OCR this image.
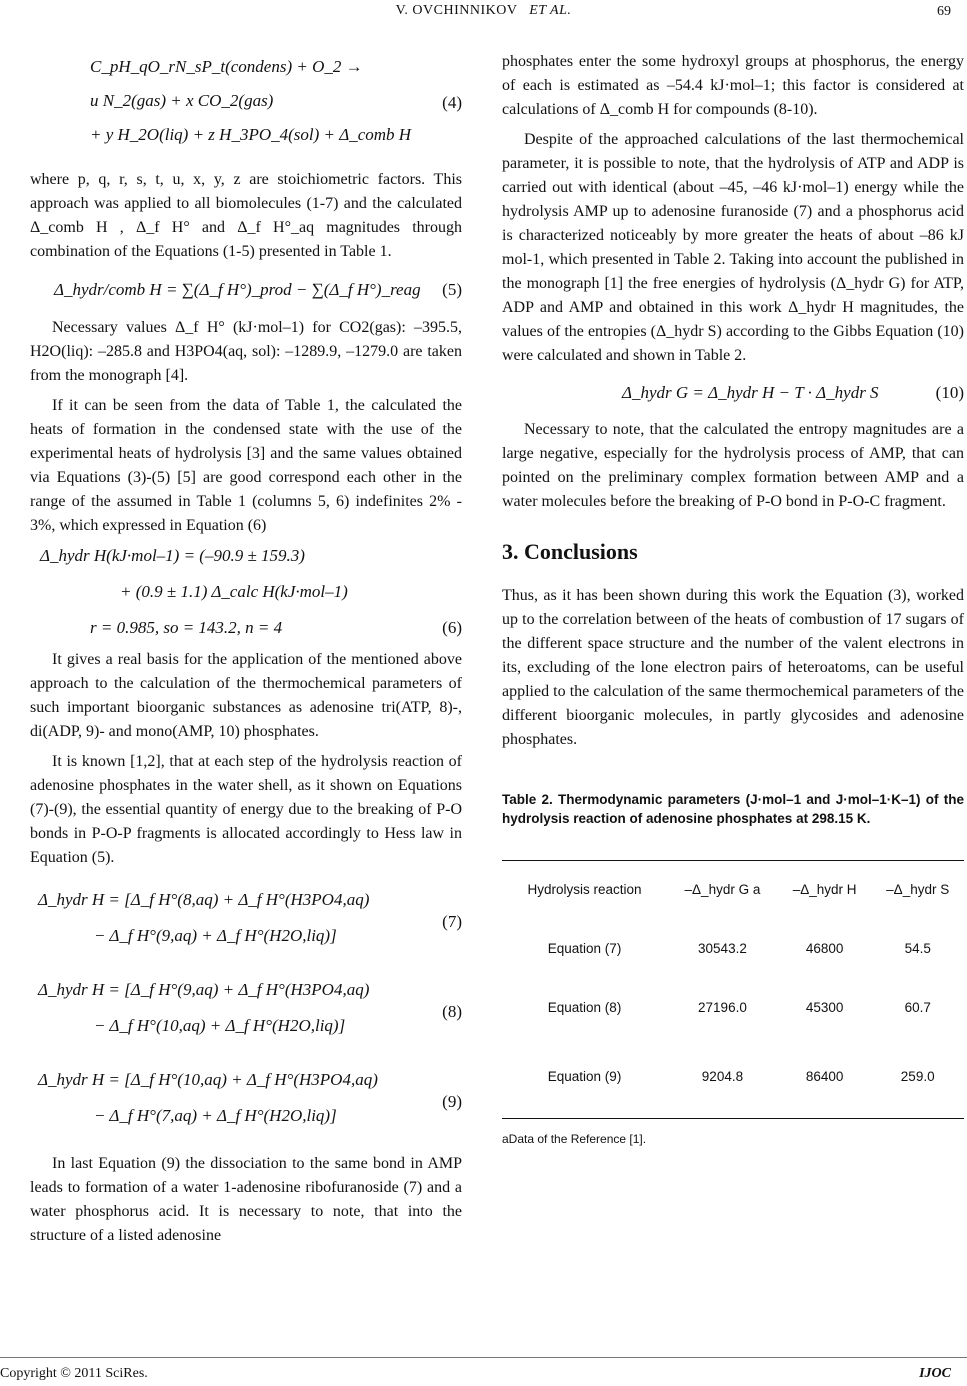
V. OVCHINNIKOV ET AL.	69
C_pH_qO_rN_sP_t(condens) + O_2 →
u N_2(gas) + x CO_2(gas)
+ y H_2O(liq) + z H_3PO_4(sol) + Δ_comb H
(4)

where p, q, r, s, t, u, x, y, z are stoichiometric factors. This approach was applied to all biomolecules (1-7) and the calculated Δ_comb H , Δ_f H° and Δ_f H°_aq magnitudes through combination of the Equations (1-5) presented in Table 1.

Δ_hydr/comb H = ∑(Δ_f H°)_prod − ∑(Δ_f H°)_reag (5)

Necessary values Δ_f H° (kJ·mol–1) for CO2(gas): –395.5, H2O(liq): –285.8 and H3PO4(aq, sol): –1289.9, –1279.0 are taken from the monograph [4].

If it can be seen from the data of Table 1, the calculated the heats of formation in the condensed state with the use of the experimental heats of hydrolysis [3] and the same values obtained via Equations (3)-(5) [5] are good correspond each other in the range of the assumed in Table 1 (columns 5, 6) indefinites 2% - 3%, which expressed in Equation (6)

Δ_hydr H(kJ·mol–1) = (–90.9 ± 159.3)
+ (0.9 ± 1.1) Δ_calc H(kJ·mol–1)
r = 0.985, so = 143.2, n = 4	(6)

It gives a real basis for the application of the mentioned above approach to the calculation of the thermochemical parameters of such important bioorganic substances as adenosine tri(ATP, 8)-, di(ADP, 9)- and mono(AMP, 10) phosphates.

It is known [1,2], that at each step of the hydrolysis reaction of adenosine phosphates in the water shell, as it shown on Equations (7)-(9), the essential quantity of energy due to the breaking of P-O bonds in P-O-P fragments is allocated accordingly to Hess law in Equation (5).

Δ_hydr H = [Δ_f H°(8,aq) + Δ_f H°(H3PO4,aq)
− Δ_f H°(9,aq) + Δ_f H°(H2O,liq)]
(7)
Δ_hydr H = [Δ_f H°(9,aq) + Δ_f H°(H3PO4,aq)
− Δ_f H°(10,aq) + Δ_f H°(H2O,liq)]
(8)
Δ_hydr H = [Δ_f H°(10,aq) + Δ_f H°(H3PO4,aq)
− Δ_f H°(7,aq) + Δ_f H°(H2O,liq)]
(9)

In last Equation (9) the dissociation to the same bond in AMP leads to formation of a water 1-adenosine ribofuranoside (7) and a water phosphorus acid. It is necessary to note, that into the structure of a listed adenosine

phosphates enter the some hydroxyl groups at phosphorus, the energy of each is estimated as –54.4 kJ·mol–1; this factor is considered at calculations of Δ_comb H for compounds (8-10).

Despite of the approached calculations of the last thermochemical parameter, it is possible to note, that the hydrolysis of ATP and ADP is carried out with identical (about –45, –46 kJ·mol–1) energy while the hydrolysis AMP up to adenosine furanoside (7) and a phosphorus acid is characterized noticeably by more greater the heats of about –86 kJ mol-1, which presented in Table 2. Taking into account the published in the monograph [1] the free energies of hydrolysis (Δ_hydr G) for ATP, ADP and AMP and obtained in this work Δ_hydr H magnitudes, the values of the entropies (Δ_hydr S) according to the Gibbs Equation (10) were calculated and shown in Table 2.

Δ_hydr G = Δ_hydr H − T · Δ_hydr S	(10)

Necessary to note, that the calculated the entropy magnitudes are a large negative, especially for the hydrolysis process of AMP, that can pointed on the preliminary complex formation between AMP and a water molecules before the breaking of P-O bond in P-O-C fragment.

3. Conclusions

Thus, as it has been shown during this work the Equation (3), worked up to the correlation between of the heats of combustion of 17 sugars of the different space structure and the number of the valent electrons in its, excluding of the lone electron pairs of heteroatoms, can be useful applied to the calculation of the same thermochemical parameters of the different bioorganic molecules, in partly glycosides and adenosine phosphates.

Table 2. Thermodynamic parameters (J·mol–1 and J·mol–1·K–1) of the hydrolysis reaction of adenosine phosphates at 298.15 K.
Hydrolysis reaction	–Δ_hydr G a	–Δ_hydr H	–Δ_hydr S
Equation (7)	30543.2	46800	54.5
Equation (8)	27196.0	45300	60.7
Equation (9)	9204.8	86400	259.0
aData of the Reference [1].
Copyright © 2011 SciRes.	IJOC
